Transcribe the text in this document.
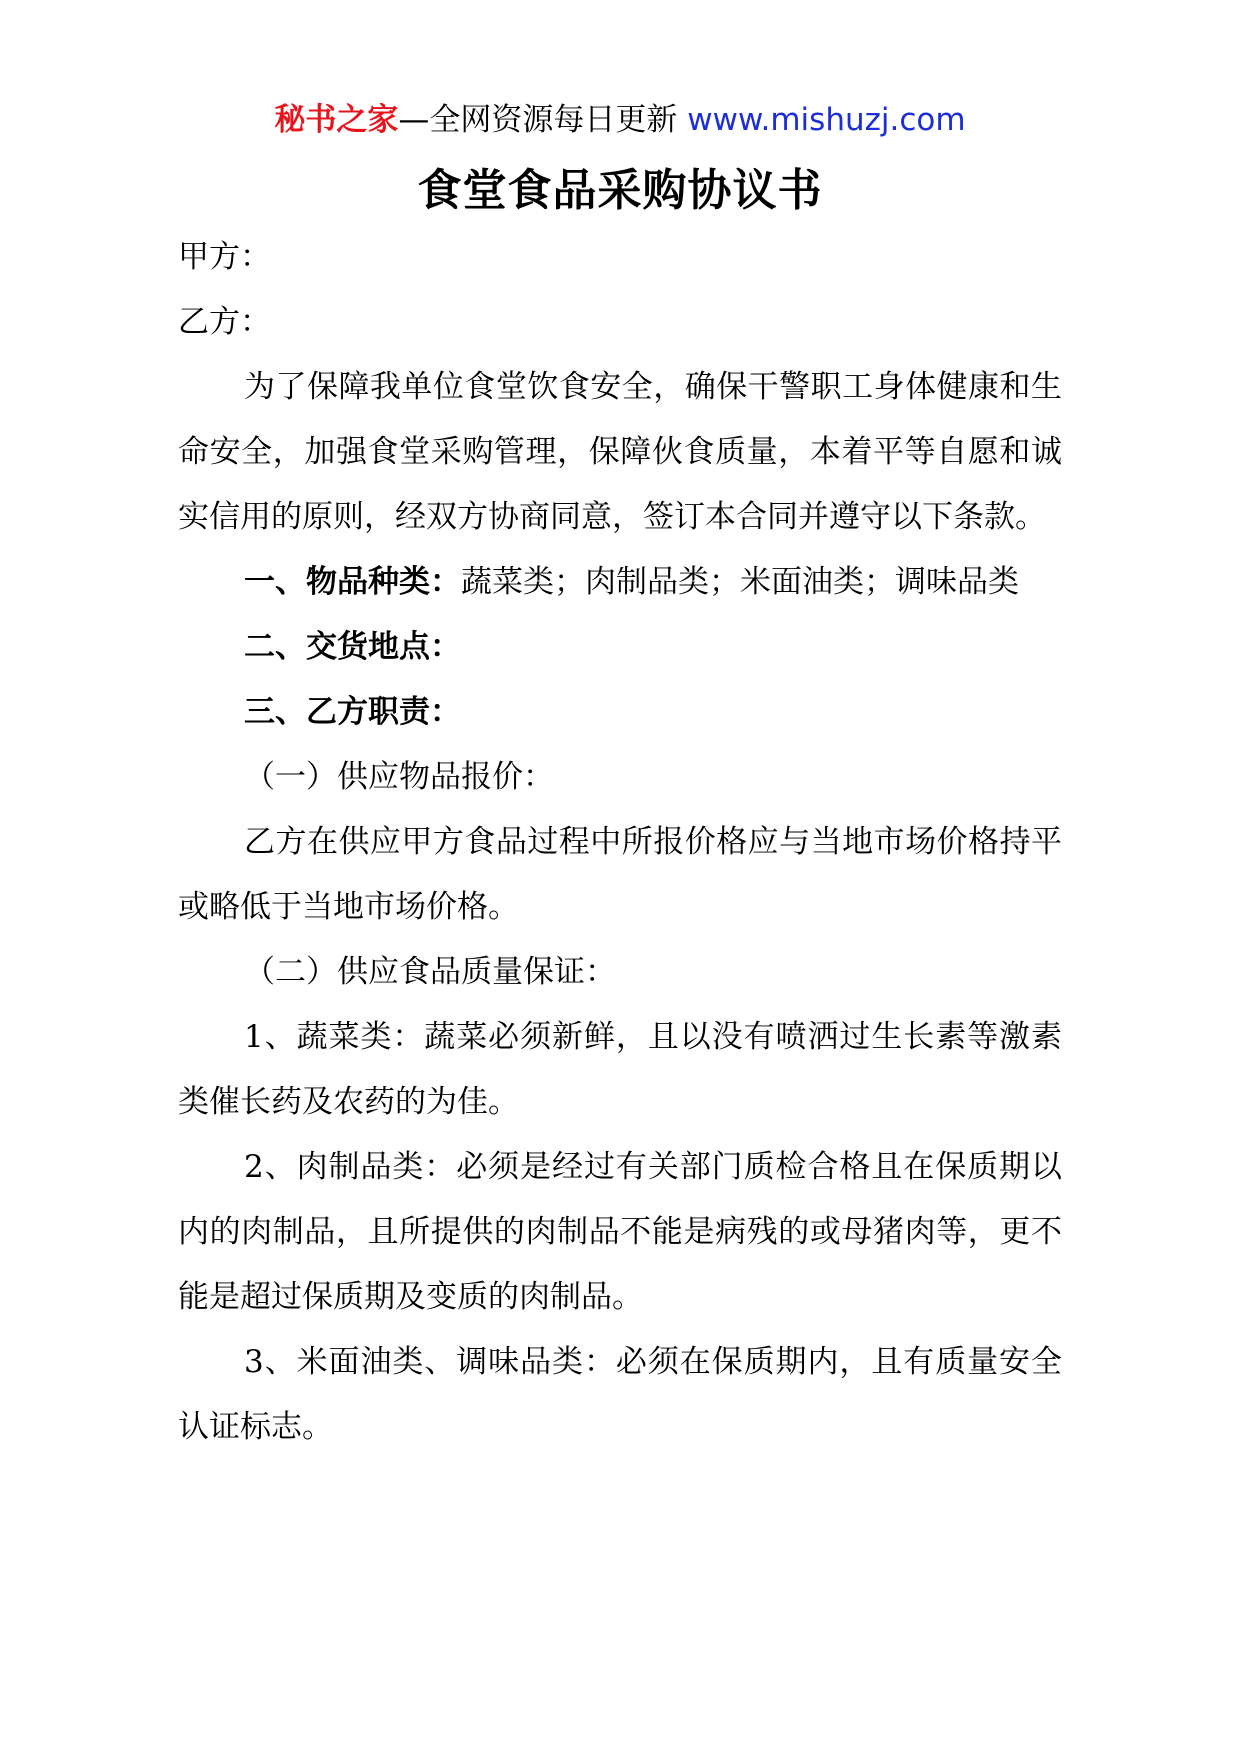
秘书之家—全网资源每日更新 www.mishuzj.com
食堂食品采购协议书

甲方：

乙方：

为了保障我单位食堂饮食安全，确保干警职工身体健康和生命安全，加强食堂采购管理，保障伙食质量，本着平等自愿和诚实信用的原则，经双方协商同意，签订本合同并遵守以下条款。

一、物品种类：蔬菜类；肉制品类；米面油类；调味品类

二、交货地点：

三、乙方职责：

（一）供应物品报价：

乙方在供应甲方食品过程中所报价格应与当地市场价格持平或略低于当地市场价格。

（二）供应食品质量保证：

1、蔬菜类：蔬菜必须新鲜，且以没有喷洒过生长素等激素类催长药及农药的为佳。

2、肉制品类：必须是经过有关部门质检合格且在保质期以内的肉制品，且所提供的肉制品不能是病残的或母猪肉等，更不能是超过保质期及变质的肉制品。

3、米面油类、调味品类：必须在保质期内，且有质量安全认证标志。
